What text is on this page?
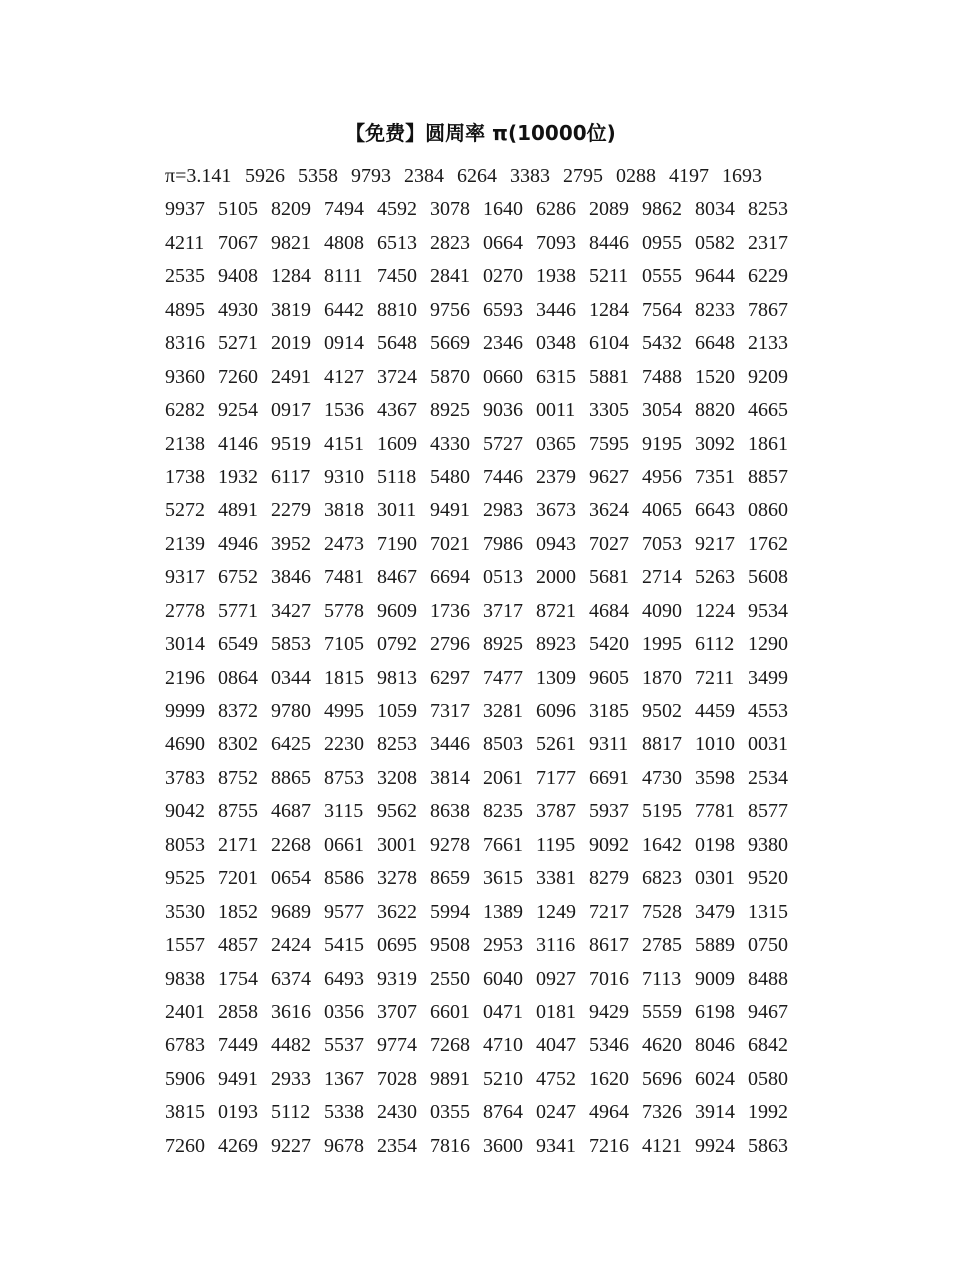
【免费】圆周率 π(10000位)
π=3.141 5926 5358 9793 2384 6264 3383 2795 0288 4197 1693
9937 5105 8209 7494 4592 3078 1640 6286 2089 9862 8034 8253
4211 7067 9821 4808 6513 2823 0664 7093 8446 0955 0582 2317
2535 9408 1284 8111 7450 2841 0270 1938 5211 0555 9644 6229
4895 4930 3819 6442 8810 9756 6593 3446 1284 7564 8233 7867
8316 5271 2019 0914 5648 5669 2346 0348 6104 5432 6648 2133
9360 7260 2491 4127 3724 5870 0660 6315 5881 7488 1520 9209
6282 9254 0917 1536 4367 8925 9036 0011 3305 3054 8820 4665
2138 4146 9519 4151 1609 4330 5727 0365 7595 9195 3092 1861
1738 1932 6117 9310 5118 5480 7446 2379 9627 4956 7351 8857
5272 4891 2279 3818 3011 9491 2983 3673 3624 4065 6643 0860
2139 4946 3952 2473 7190 7021 7986 0943 7027 7053 9217 1762
9317 6752 3846 7481 8467 6694 0513 2000 5681 2714 5263 5608
2778 5771 3427 5778 9609 1736 3717 8721 4684 4090 1224 9534
3014 6549 5853 7105 0792 2796 8925 8923 5420 1995 6112 1290
2196 0864 0344 1815 9813 6297 7477 1309 9605 1870 7211 3499
9999 8372 9780 4995 1059 7317 3281 6096 3185 9502 4459 4553
4690 8302 6425 2230 8253 3446 8503 5261 9311 8817 1010 0031
3783 8752 8865 8753 3208 3814 2061 7177 6691 4730 3598 2534
9042 8755 4687 3115 9562 8638 8235 3787 5937 5195 7781 8577
8053 2171 2268 0661 3001 9278 7661 1195 9092 1642 0198 9380
9525 7201 0654 8586 3278 8659 3615 3381 8279 6823 0301 9520
3530 1852 9689 9577 3622 5994 1389 1249 7217 7528 3479 1315
1557 4857 2424 5415 0695 9508 2953 3116 8617 2785 5889 0750
9838 1754 6374 6493 9319 2550 6040 0927 7016 7113 9009 8488
2401 2858 3616 0356 3707 6601 0471 0181 9429 5559 6198 9467
6783 7449 4482 5537 9774 7268 4710 4047 5346 4620 8046 6842
5906 9491 2933 1367 7028 9891 5210 4752 1620 5696 6024 0580
3815 0193 5112 5338 2430 0355 8764 0247 4964 7326 3914 1992
7260 4269 9227 9678 2354 7816 3600 9341 7216 4121 9924 5863
